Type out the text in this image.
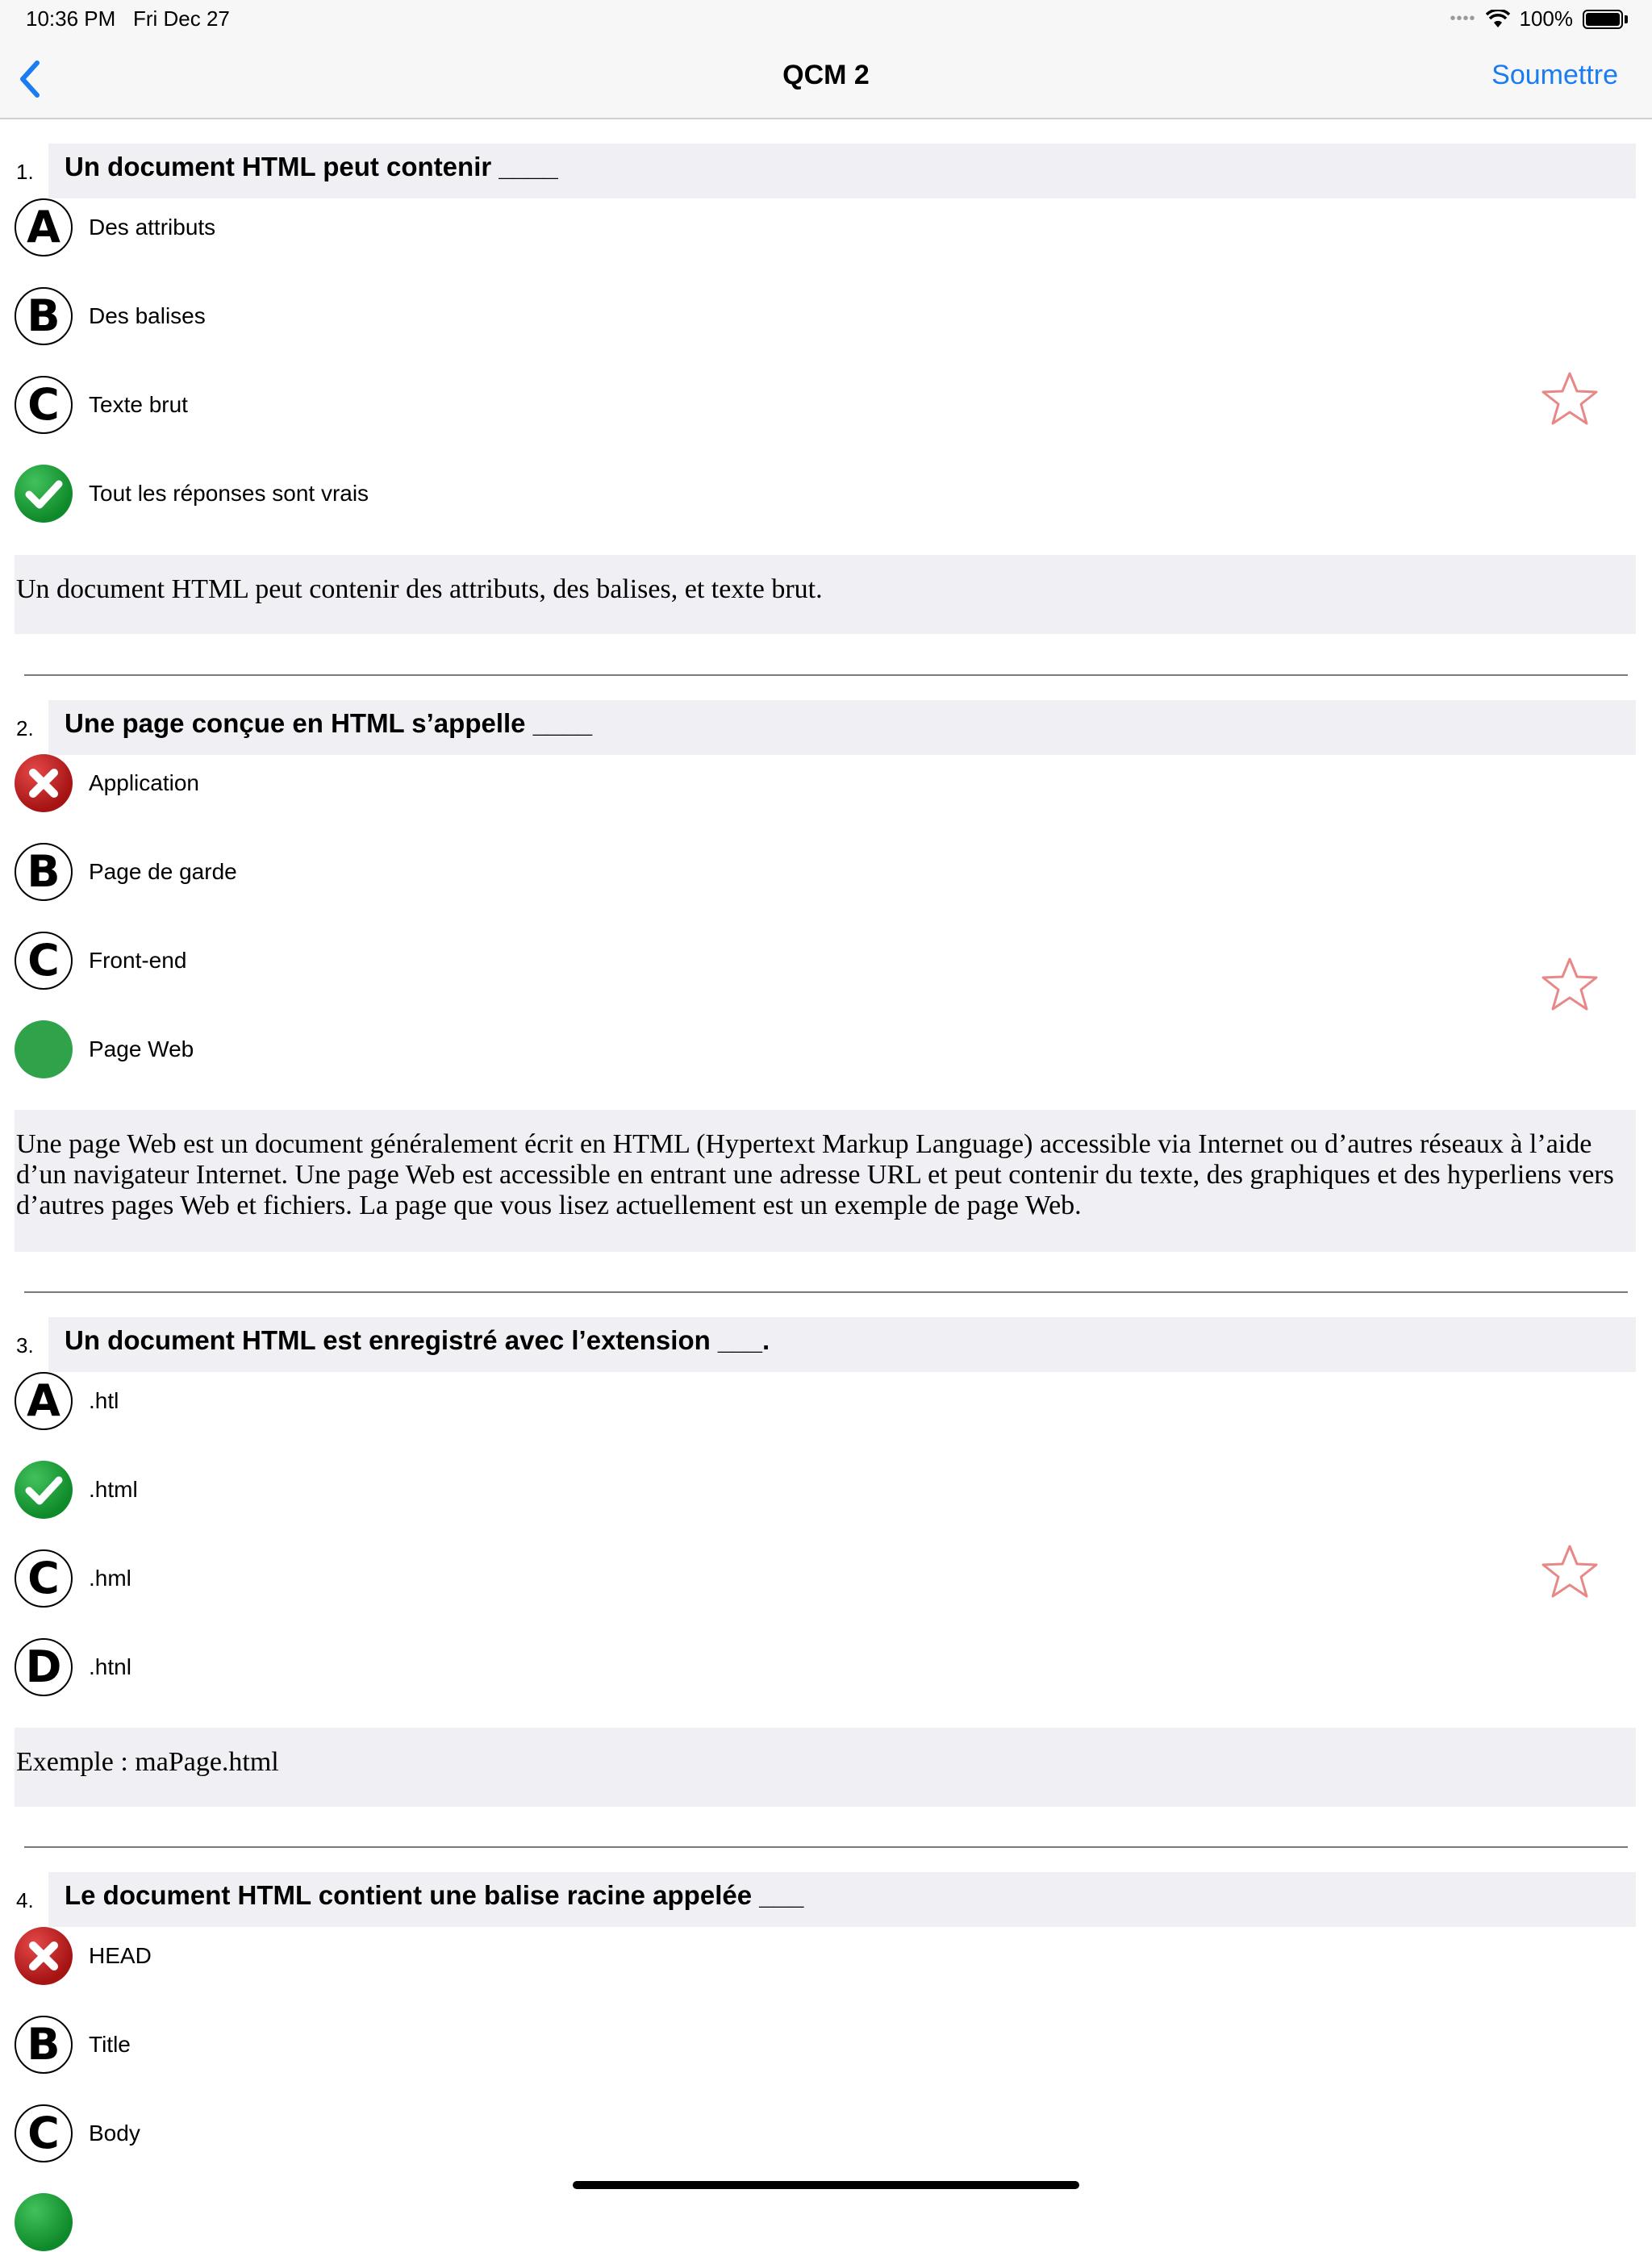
10:36 PM Fri Dec 27	•••• 100%
QCM 2	Soumettre
1. Un document HTML peut contenir ____
A	Des attributs
B	Des balises
C	Texte brut
Tout les réponses sont vrais
Un document HTML peut contenir des attributs, des balises, et texte brut.
2. Une page conçue en HTML s’appelle ____
Application
B	Page de garde
C	Front-end
Page Web
Une page Web est un document généralement écrit en HTML (Hypertext Markup Language) accessible via Internet ou d’autres réseaux à l’aide d’un navigateur Internet. Une page Web est accessible en entrant une adresse URL et peut contenir du texte, des graphiques et des hyperliens vers d’autres pages Web et fichiers. La page que vous lisez actuellement est un exemple de page Web.
3. Un document HTML est enregistré avec l’extension ___.
A	.htl
.html
C	.hml
D	.htnl
Exemple : maPage.html
4. Le document HTML contient une balise racine appelée ___
HEAD
B	Title
C	Body
